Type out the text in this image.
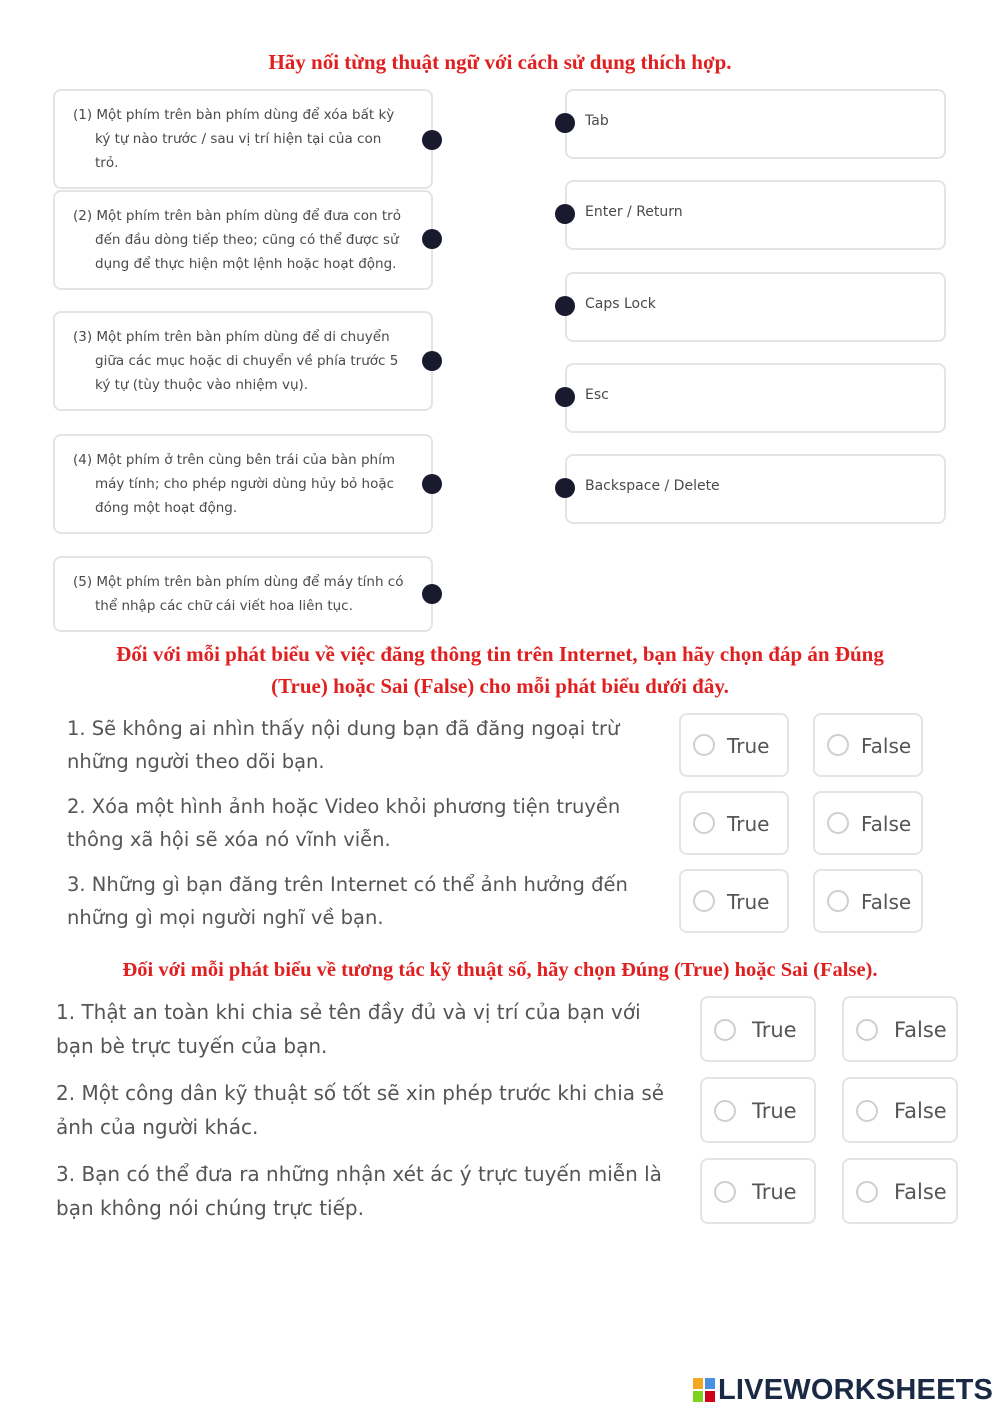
Hãy nối từng thuật ngữ với cách sử dụng thích hợp.
(1) Một phím trên bàn phím dùng để xóa bất kỳ ký tự nào trước / sau vị trí hiện tại của con trỏ.
(2) Một phím trên bàn phím dùng để đưa con trỏ đến đầu dòng tiếp theo; cũng có thể được sử dụng để thực hiện một lệnh hoặc hoạt động.
(3) Một phím trên bàn phím dùng để di chuyển giữa các mục hoặc di chuyển về phía trước 5 ký tự (tùy thuộc vào nhiệm vụ).
(4) Một phím ở trên cùng bên trái của bàn phím máy tính; cho phép người dùng hủy bỏ hoặc đóng một hoạt động.
(5) Một phím trên bàn phím dùng để máy tính có thể nhập các chữ cái viết hoa liên tục.
Tab
Enter / Return
Caps Lock
Esc
Backspace / Delete
Đối với mỗi phát biểu về việc đăng thông tin trên Internet, bạn hãy chọn đáp án Đúng
(True) hoặc Sai (False) cho mỗi phát biểu dưới đây.
1. Sẽ không ai nhìn thấy nội dung bạn đã đăng ngoại trừ những người theo dõi bạn.
2. Xóa một hình ảnh hoặc Video khỏi phương tiện truyền thông xã hội sẽ xóa nó vĩnh viễn.
3. Những gì bạn đăng trên Internet có thể ảnh hưởng đến những gì mọi người nghĩ về bạn.
True	False
True	False
True	False
Đối với mỗi phát biểu về tương tác kỹ thuật số, hãy chọn Đúng (True) hoặc Sai (False).
1. Thật an toàn khi chia sẻ tên đầy đủ và vị trí của bạn với bạn bè trực tuyến của bạn.
2. Một công dân kỹ thuật số tốt sẽ xin phép trước khi chia sẻ ảnh của người khác.
3. Bạn có thể đưa ra những nhận xét ác ý trực tuyến miễn là bạn không nói chúng trực tiếp.
True	False
True	False
True	False
LIVEWORKSHEETS
